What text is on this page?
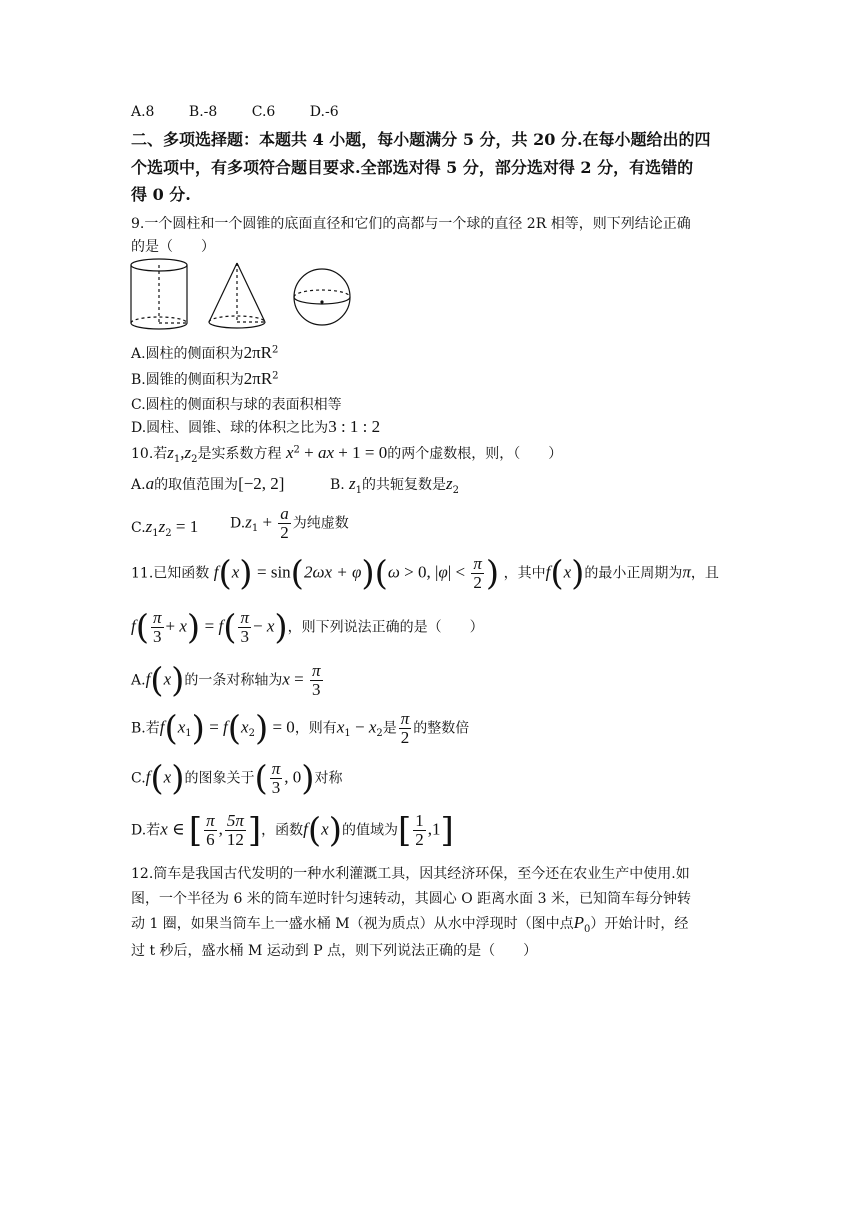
A.8 B.-8 C.6 D.-6
二、多项选择题：本题共 4 小题，每小题满分 5 分，共 20 分.在每小题给出的四
个选项中，有多项符合题目要求.全部选对得 5 分，部分选对得 2 分，有选错的
得 0 分.
9.一个圆柱和一个圆锥的底面直径和它们的高都与一个球的直径 2R 相等，则下列结论正确
的是（　　）
A.圆柱的侧面积为$2\pi R^2$
B.圆锥的侧面积为$2\pi R^2$
C.圆柱的侧面积与球的表面积相等
D.圆柱、圆锥、球的体积之比为3 : 1 : 2
10.若$z_1,z_2$是实系数方程 $x^2$ + ax + 1 = 0的两个虚数根，则，（　　）
A.a的取值范围为[−2, 2]	B. $z_1$的共轭复数是$z_2$
$C.z_1z_2 = 1$ $D.z_1 + \frac{a}{2}$ 为纯虚数
11.已知函数 f(x) = sin(2ωx + φ)(ω > 0, $|\varphi| < \frac{\pi}{2}$ ) ，其中f(x)的最小正周期为π，且
$f( \frac{\pi}{3} + x) = f( \frac{\pi}{3} - x)$，则下列说法正确的是（　　）
A.f(x)的一条对称轴为$x = \frac{\pi}{3}$
B.若$f(x_1) = f(x_2) = 0$，则有$x_1 - x_2$是 $\frac{\pi}{2}$ 的整数倍
C.f(x)的图象关于( $\frac{\pi}{3}$ , 0)对称
D.若x ∈ [ $\frac{\pi}{6}$ , $\frac{5\pi}{12}$ ]，函数f(x)的值域为[ $\frac{1}{2} ,1$]
12.筒车是我国古代发明的一种水利灌溉工具，因其经济环保，至今还在农业生产中使用.如
图，一个半径为 6 米的筒车逆时针匀速转动，其圆心 O 距离水面 3 米，已知筒车每分钟转
动 1 圈，如果当筒车上一盛水桶 M（视为质点）从水中浮现时（图中点$P_0$）开始计时，经
过 t 秒后，盛水桶 M 运动到 P 点，则下列说法正确的是（　　）
